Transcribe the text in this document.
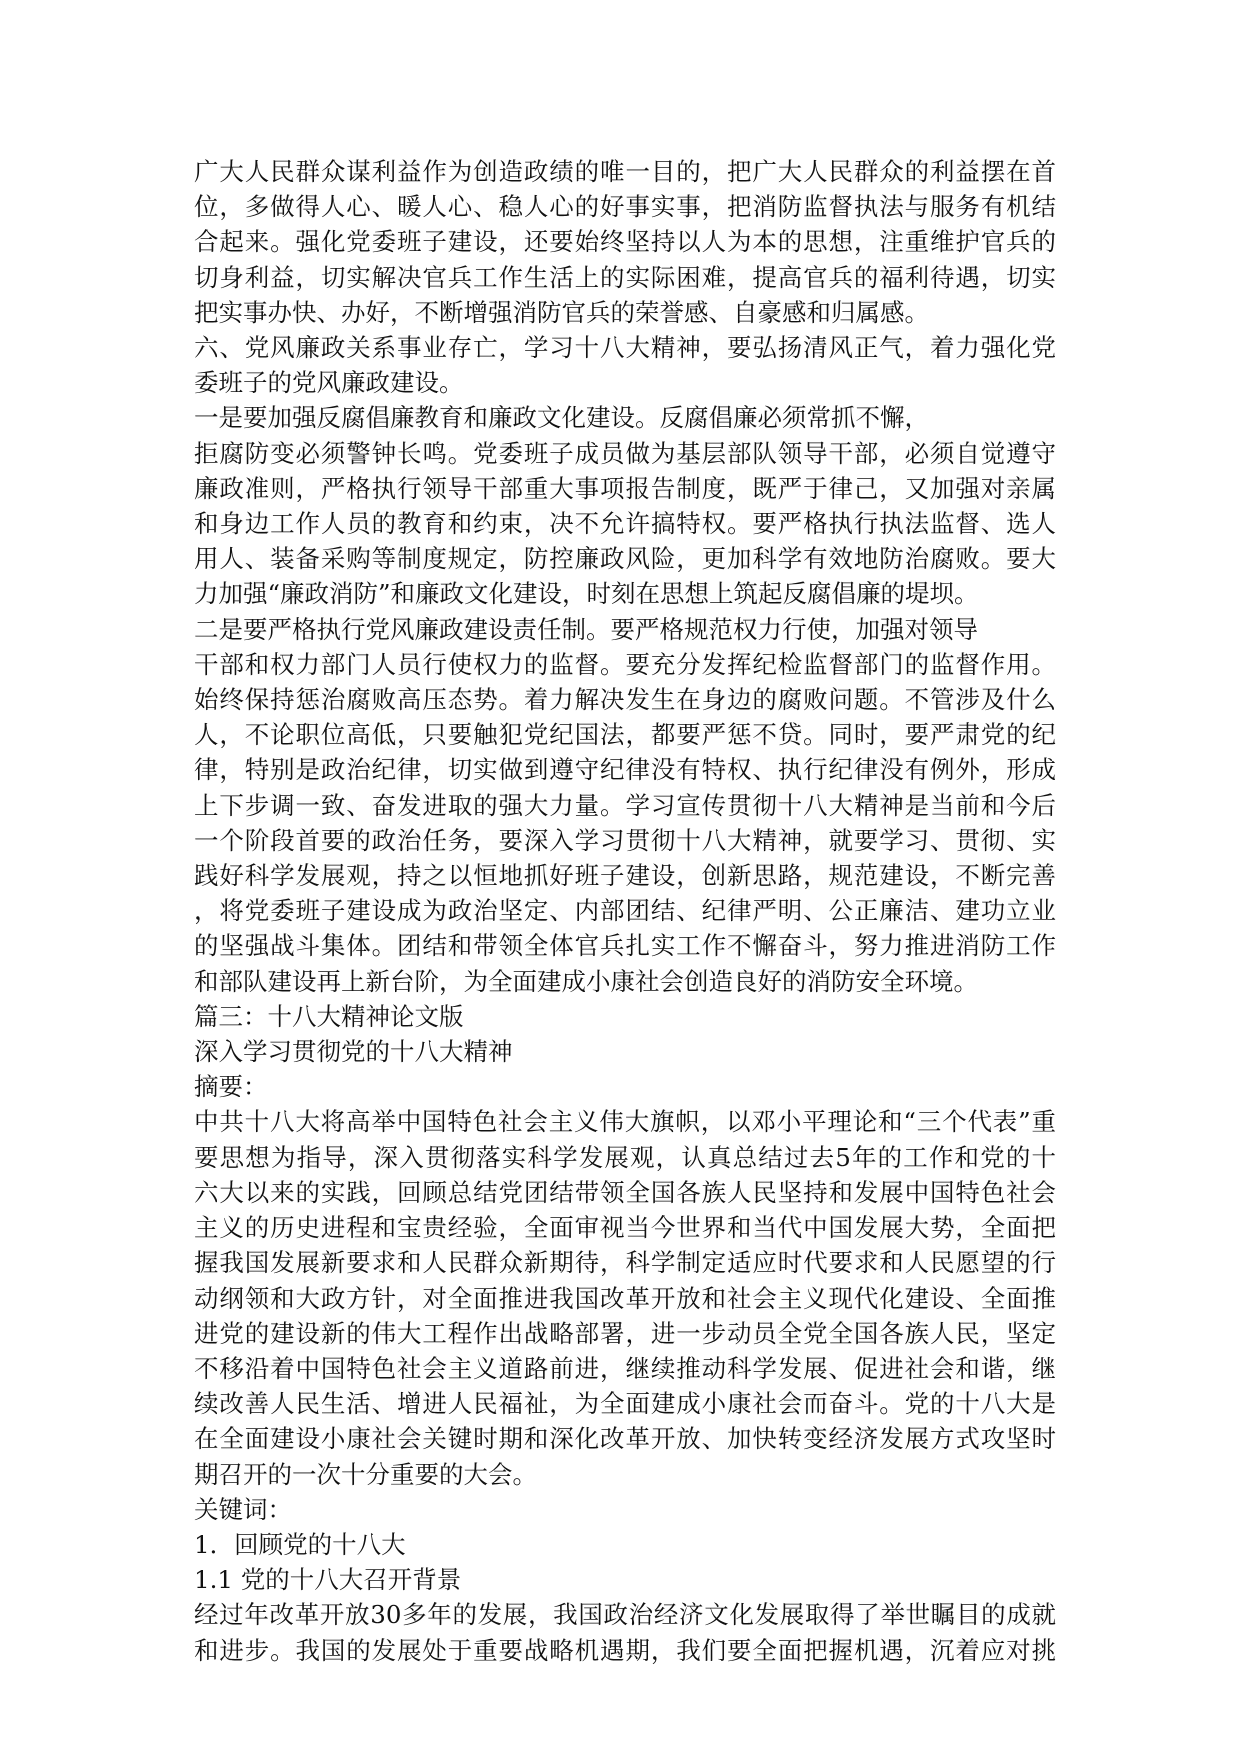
广大人民群众谋利益作为创造政绩的唯一目的，把广大人民群众的利益摆在首
位，多做得人心、暖人心、稳人心的好事实事，把消防监督执法与服务有机结
合起来。强化党委班子建设，还要始终坚持以人为本的思想，注重维护官兵的
切身利益，切实解决官兵工作生活上的实际困难，提高官兵的福利待遇，切实
把实事办快、办好，不断增强消防官兵的荣誉感、自豪感和归属感。
六、党风廉政关系事业存亡，学习十八大精神，要弘扬清风正气，着力强化党
委班子的党风廉政建设。
一是要加强反腐倡廉教育和廉政文化建设。反腐倡廉必须常抓不懈，
拒腐防变必须警钟长鸣。党委班子成员做为基层部队领导干部，必须自觉遵守
廉政准则，严格执行领导干部重大事项报告制度，既严于律己，又加强对亲属
和身边工作人员的教育和约束，决不允许搞特权。要严格执行执法监督、选人
用人、装备采购等制度规定，防控廉政风险，更加科学有效地防治腐败。要大
力加强“廉政消防”和廉政文化建设，时刻在思想上筑起反腐倡廉的堤坝。
二是要严格执行党风廉政建设责任制。要严格规范权力行使，加强对领导
干部和权力部门人员行使权力的监督。要充分发挥纪检监督部门的监督作用。
始终保持惩治腐败高压态势。着力解决发生在身边的腐败问题。不管涉及什么
人，不论职位高低，只要触犯党纪国法，都要严惩不贷。同时，要严肃党的纪
律，特别是政治纪律，切实做到遵守纪律没有特权、执行纪律没有例外，形成
上下步调一致、奋发进取的强大力量。学习宣传贯彻十八大精神是当前和今后
一个阶段首要的政治任务，要深入学习贯彻十八大精神，就要学习、贯彻、实
践好科学发展观，持之以恒地抓好班子建设，创新思路，规范建设，不断完善
，将党委班子建设成为政治坚定、内部团结、纪律严明、公正廉洁、建功立业
的坚强战斗集体。团结和带领全体官兵扎实工作不懈奋斗，努力推进消防工作
和部队建设再上新台阶，为全面建成小康社会创造良好的消防安全环境。
篇三：十八大精神论文版
深入学习贯彻党的十八大精神
摘要：
中共十八大将高举中国特色社会主义伟大旗帜，以邓小平理论和“三个代表”重
要思想为指导，深入贯彻落实科学发展观，认真总结过去5年的工作和党的十
六大以来的实践，回顾总结党团结带领全国各族人民坚持和发展中国特色社会
主义的历史进程和宝贵经验，全面审视当今世界和当代中国发展大势，全面把
握我国发展新要求和人民群众新期待，科学制定适应时代要求和人民愿望的行
动纲领和大政方针，对全面推进我国改革开放和社会主义现代化建设、全面推
进党的建设新的伟大工程作出战略部署，进一步动员全党全国各族人民，坚定
不移沿着中国特色社会主义道路前进，继续推动科学发展、促进社会和谐，继
续改善人民生活、增进人民福祉，为全面建成小康社会而奋斗。党的十八大是
在全面建设小康社会关键时期和深化改革开放、加快转变经济发展方式攻坚时
期召开的一次十分重要的大会。
关键词：
1．回顾党的十八大
1.1 党的十八大召开背景
经过年改革开放30多年的发展，我国政治经济文化发展取得了举世瞩目的成就
和进步。我国的发展处于重要战略机遇期，我们要全面把握机遇，沉着应对挑
